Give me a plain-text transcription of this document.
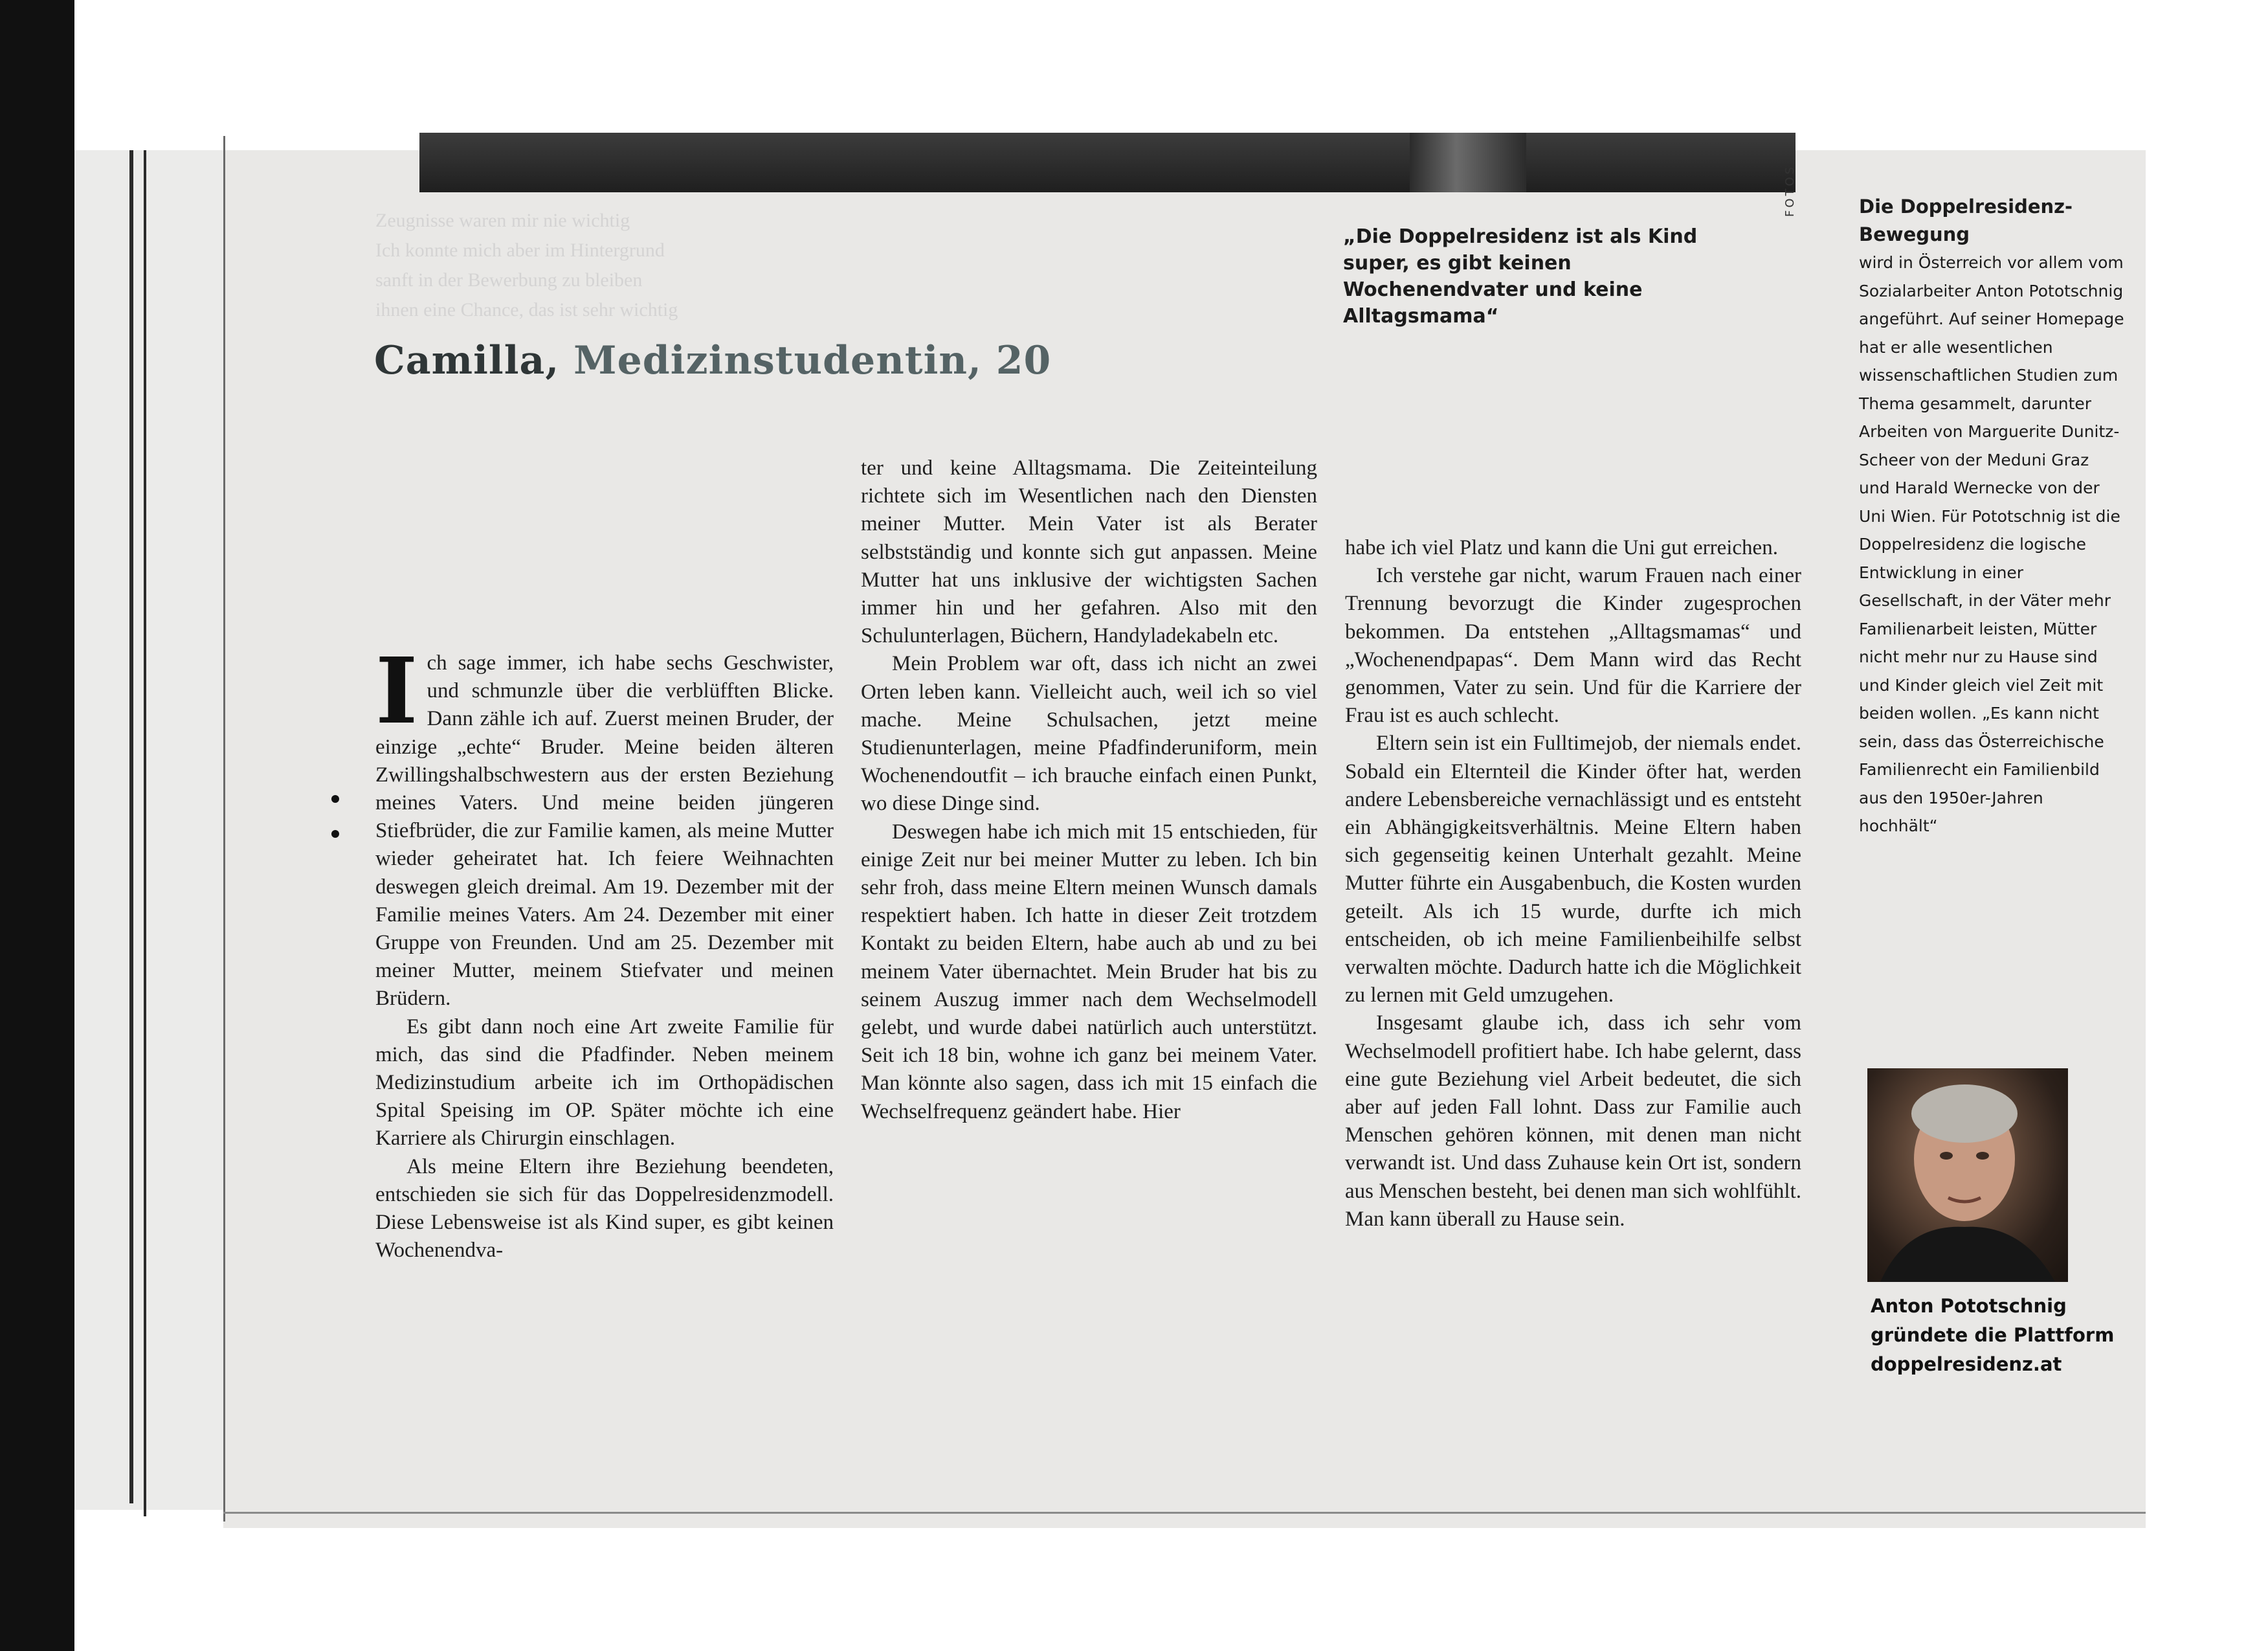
Zeugnisse waren mir nie wichtig
Ich konnte mich aber im Hintergrund
sanft in der Bewerbung zu bleiben
ihnen eine Chance, das ist sehr wichtig
FOTOS
Camilla, Medizinstudentin, 20
„Die Doppelresidenz ist als Kind super, es gibt keinen Wochenendvater und keine Alltagsmama“

Ich sage immer, ich habe sechs Geschwister, und schmunzle über die verblüfften Blicke. Dann zähle ich auf. Zuerst meinen Bruder, der einzige „echte“ Bruder. Meine beiden älteren Zwillingshalbschwestern aus der ersten Beziehung meines Vaters. Und meine beiden jüngeren Stiefbrüder, die zur Familie kamen, als meine Mutter wieder geheiratet hat. Ich feiere Weihnachten deswegen gleich dreimal. Am 19. Dezember mit der Familie meines Vaters. Am 24. Dezember mit einer Gruppe von Freunden. Und am 25. Dezember mit meiner Mutter, meinem Stiefvater und meinen Brüdern.

Es gibt dann noch eine Art zweite Familie für mich, das sind die Pfadfinder. Neben meinem Medizinstudium arbeite ich im Orthopädischen Spital Speising im OP. Später möchte ich eine Karriere als Chirurgin einschlagen.

Als meine Eltern ihre Beziehung beendeten, entschieden sie sich für das Doppelresidenzmodell. Diese Lebensweise ist als Kind super, es gibt keinen Wochenendva-

ter und keine Alltagsmama. Die Zeiteinteilung richtete sich im Wesentlichen nach den Diensten meiner Mutter. Mein Vater ist als Berater selbstständig und konnte sich gut anpassen. Meine Mutter hat uns inklusive der wichtigsten Sachen immer hin und her gefahren. Also mit den Schulunterlagen, Büchern, Handyladekabeln etc.

Mein Problem war oft, dass ich nicht an zwei Orten leben kann. Vielleicht auch, weil ich so viel mache. Meine Schulsachen, jetzt meine Studienunterlagen, meine Pfadfinderuniform, mein Wochenendoutfit – ich brauche einfach einen Punkt, wo diese Dinge sind.

Deswegen habe ich mich mit 15 entschieden, für einige Zeit nur bei meiner Mutter zu leben. Ich bin sehr froh, dass meine Eltern meinen Wunsch damals respektiert haben. Ich hatte in dieser Zeit trotzdem Kontakt zu beiden Eltern, habe auch ab und zu bei meinem Vater übernachtet. Mein Bruder hat bis zu seinem Auszug immer nach dem Wechselmodell gelebt, und wurde dabei natürlich auch unterstützt. Seit ich 18 bin, wohne ich ganz bei meinem Vater. Man könnte also sagen, dass ich mit 15 einfach die Wechselfrequenz geändert habe. Hier

habe ich viel Platz und kann die Uni gut erreichen.

Ich verstehe gar nicht, warum Frauen nach einer Trennung bevorzugt die Kinder zugesprochen bekommen. Da entstehen „Alltagsmamas“ und „Wochenendpapas“. Dem Mann wird das Recht genommen, Vater zu sein. Und für die Karriere der Frau ist es auch schlecht.

Eltern sein ist ein Fulltimejob, der niemals endet. Sobald ein Elternteil die Kinder öfter hat, werden andere Lebensbereiche vernachlässigt und es entsteht ein Abhängigkeitsverhältnis. Meine Eltern haben sich gegenseitig keinen Unterhalt gezahlt. Meine Mutter führte ein Ausgabenbuch, die Kosten wurden geteilt. Als ich 15 wurde, durfte ich mich entscheiden, ob ich meine Familienbeihilfe selbst verwalten möchte. Dadurch hatte ich die Möglichkeit zu lernen mit Geld umzugehen.

Insgesamt glaube ich, dass ich sehr vom Wechselmodell profitiert habe. Ich habe gelernt, dass eine gute Beziehung viel Arbeit bedeutet, die sich aber auf jeden Fall lohnt. Dass zur Familie auch Menschen gehören können, mit denen man nicht verwandt ist. Und dass Zuhause kein Ort ist, sondern aus Menschen besteht, bei denen man sich wohlfühlt. Man kann überall zu Hause sein.

Die Doppelresidenz-Bewegung
wird in Österreich vor allem vom Sozialarbeiter Anton Pototschnig angeführt. Auf seiner Homepage hat er alle wesentlichen wissenschaftlichen Studien zum Thema gesammelt, darunter Arbeiten von Marguerite Dunitz-Scheer von der Meduni Graz und Harald Wernecke von der Uni Wien. Für Pototschnig ist die Doppelresidenz die logische Entwicklung in einer Gesellschaft, in der Väter mehr Familienarbeit leisten, Mütter nicht mehr nur zu Hause sind und Kinder gleich viel Zeit mit beiden wollen. „Es kann nicht sein, dass das Österreichische Familienrecht ein Familienbild aus den 1950er-Jahren hochhält“
Anton Pototschnig gründete die Plattform doppelresidenz.at
